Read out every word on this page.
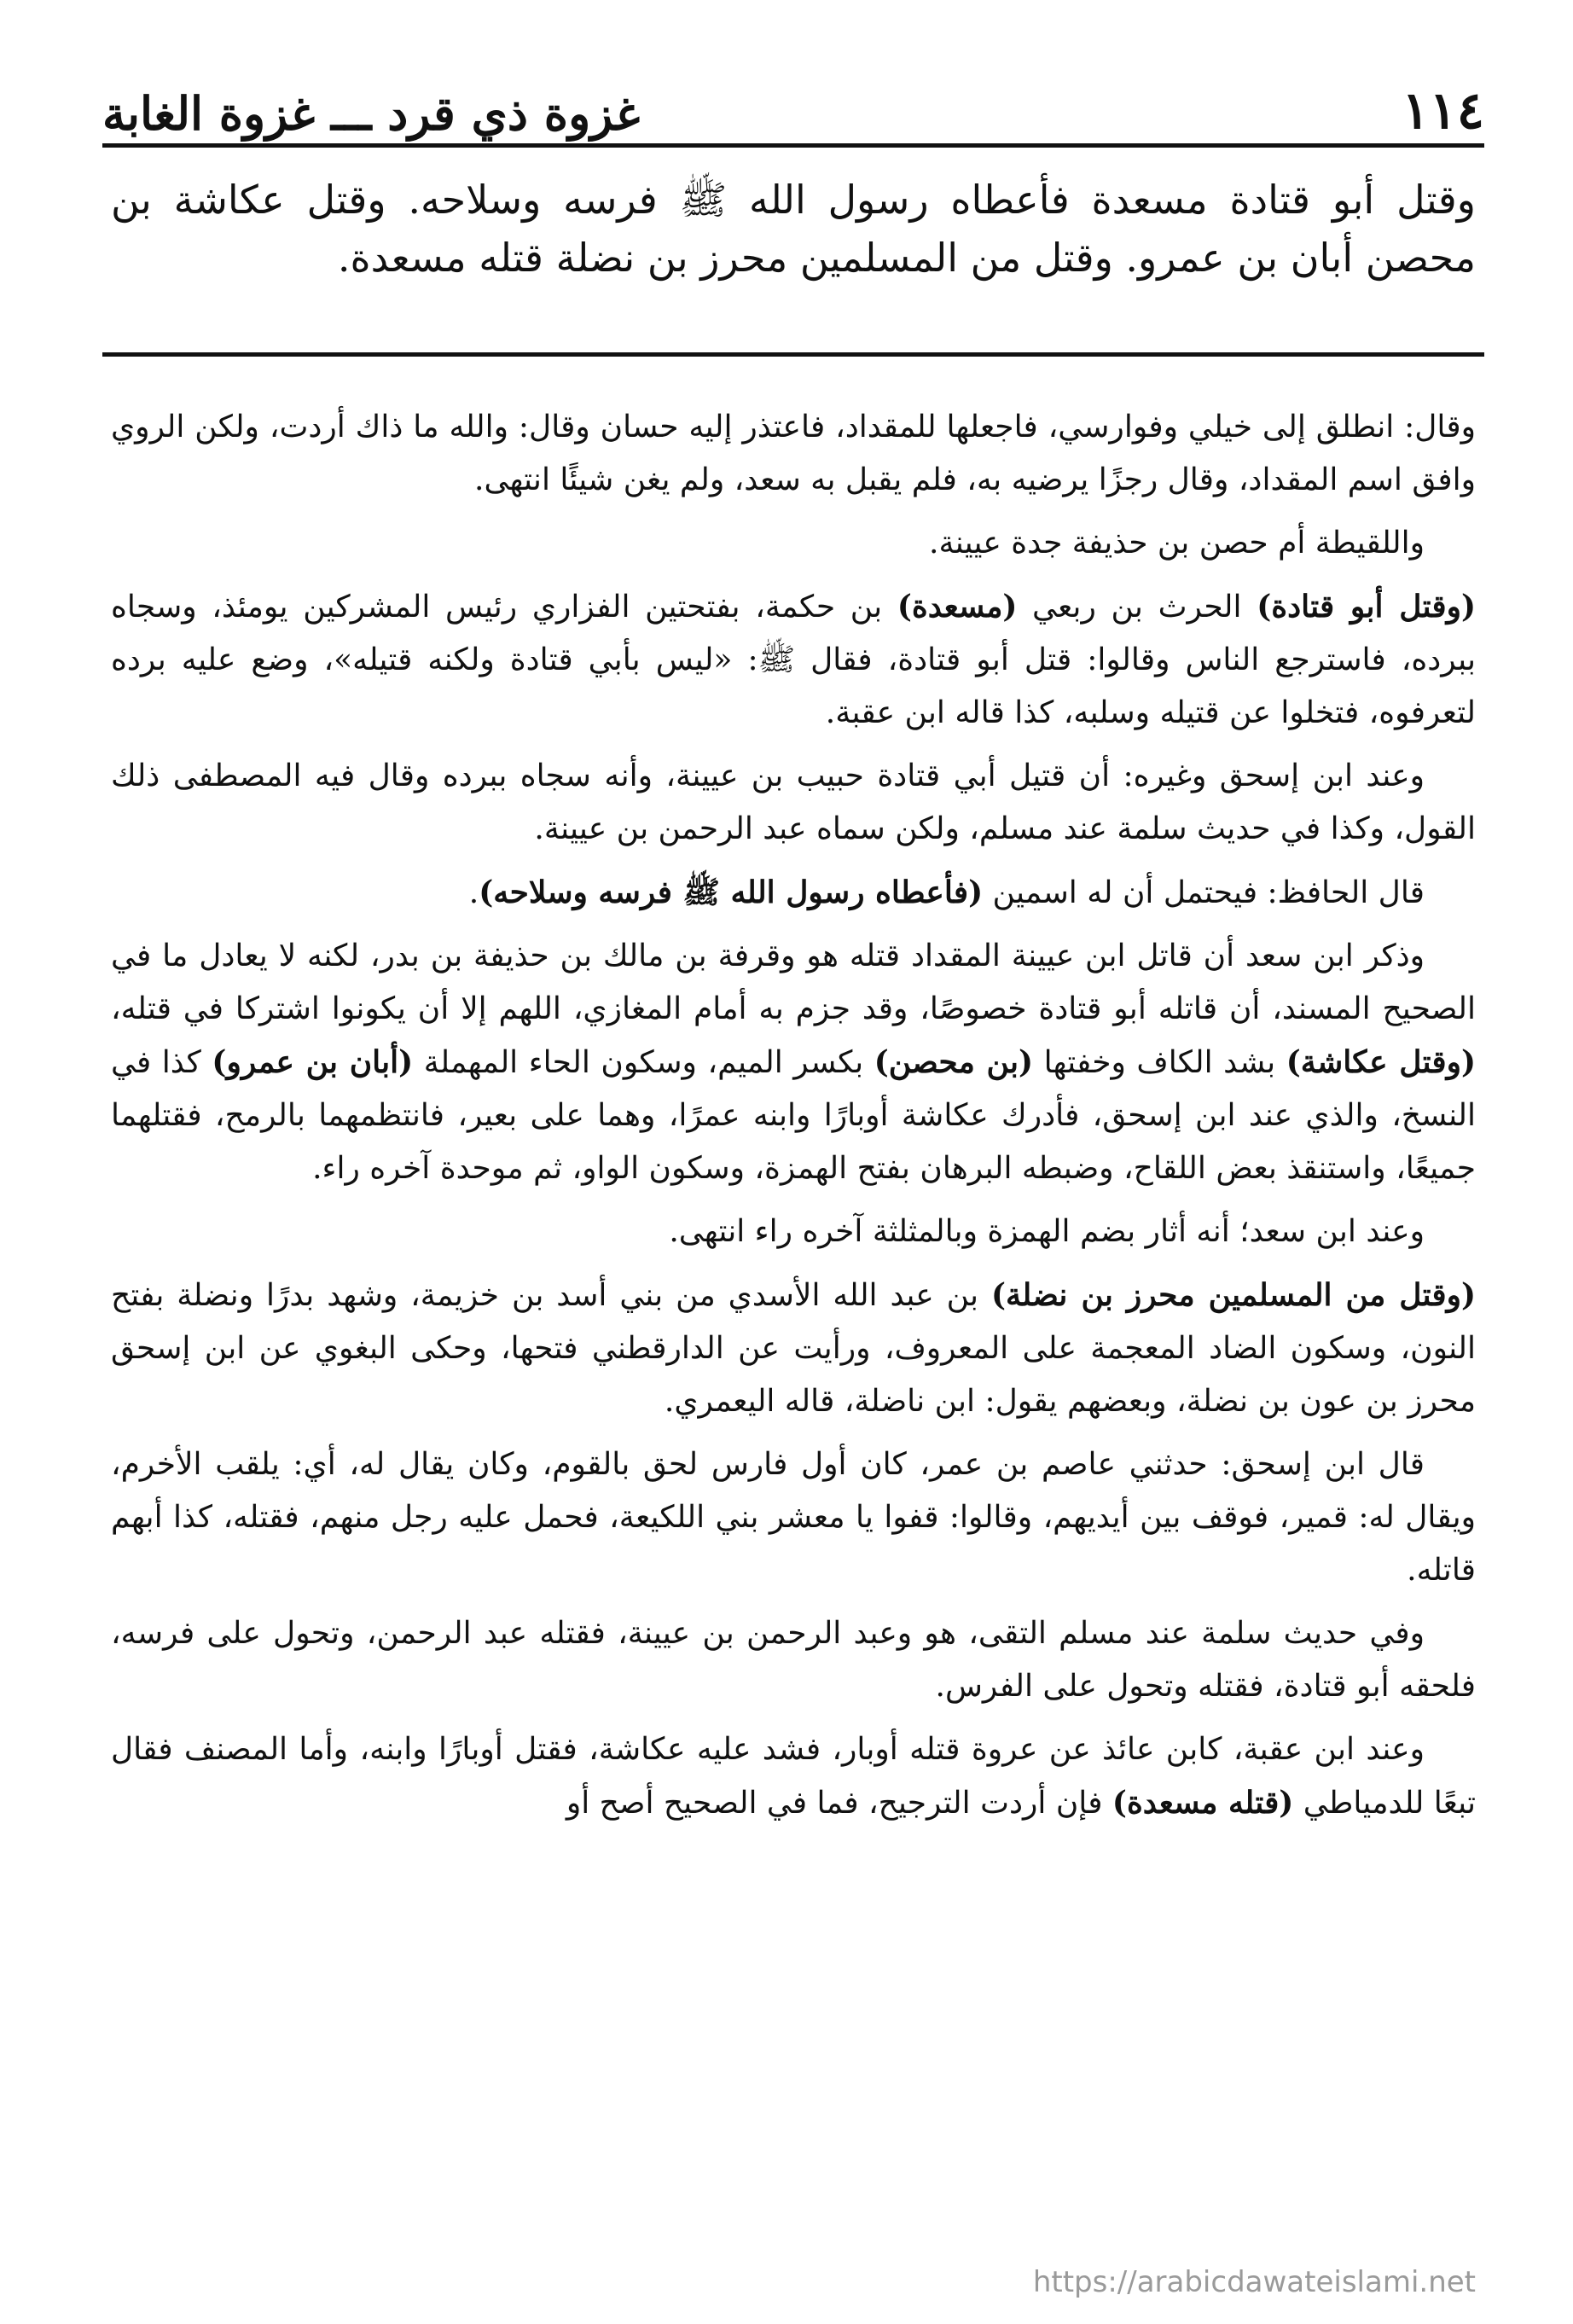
١١٤
غزوة ذي قرد ـــ غزوة الغابة
وقتل أبو قتادة مسعدة فأعطاه رسول الله ﷺ فرسه وسلاحه. وقتل عكاشة بن محصن أبان بن عمرو. وقتل من المسلمين محرز بن نضلة قتله مسعدة.

وقال: انطلق إلى خيلي وفوارسي، فاجعلها للمقداد، فاعتذر إليه حسان وقال: والله ما ذاك أردت، ولكن الروي وافق اسم المقداد، وقال رجزًا يرضيه به، فلم يقبل به سعد، ولم يغن شيئًا انتهى.

واللقيطة أم حصن بن حذيفة جدة عيينة.

(وقتل أبو قتادة) الحرث بن ربعي (مسعدة) بن حكمة، بفتحتين الفزاري رئيس المشركين يومئذ، وسجاه ببرده، فاسترجع الناس وقالوا: قتل أبو قتادة، فقال ﷺ: «ليس بأبي قتادة ولكنه قتيله»، وضع عليه برده لتعرفوه، فتخلوا عن قتيله وسلبه، كذا قاله ابن عقبة.

وعند ابن إسحق وغيره: أن قتيل أبي قتادة حبيب بن عيينة، وأنه سجاه ببرده وقال فيه المصطفى ذلك القول، وكذا في حديث سلمة عند مسلم، ولكن سماه عبد الرحمن بن عيينة.

قال الحافظ: فيحتمل أن له اسمين (فأعطاه رسول الله ﷺ فرسه وسلاحه).

وذكر ابن سعد أن قاتل ابن عيينة المقداد قتله هو وقرفة بن مالك بن حذيفة بن بدر، لكنه لا يعادل ما في الصحيح المسند، أن قاتله أبو قتادة خصوصًا، وقد جزم به أمام المغازي، اللهم إلا أن يكونوا اشتركا في قتله، (وقتل عكاشة) بشد الكاف وخفتها (بن محصن) بكسر الميم، وسكون الحاء المهملة (أبان بن عمرو) كذا في النسخ، والذي عند ابن إسحق، فأدرك عكاشة أوبارًا وابنه عمرًا، وهما على بعير، فانتظمهما بالرمح، فقتلهما جميعًا، واستنقذ بعض اللقاح، وضبطه البرهان بفتح الهمزة، وسكون الواو، ثم موحدة آخره راء.

وعند ابن سعد؛ أنه أثار بضم الهمزة وبالمثلثة آخره راء انتهى.

(وقتل من المسلمين محرز بن نضلة) بن عبد الله الأسدي من بني أسد بن خزيمة، وشهد بدرًا ونضلة بفتح النون، وسكون الضاد المعجمة على المعروف، ورأيت عن الدارقطني فتحها، وحكى البغوي عن ابن إسحق محرز بن عون بن نضلة، وبعضهم يقول: ابن ناضلة، قاله اليعمري.

قال ابن إسحق: حدثني عاصم بن عمر، كان أول فارس لحق بالقوم، وكان يقال له، أي: يلقب الأخرم، ويقال له: قمير، فوقف بين أيديهم، وقالوا: قفوا يا معشر بني اللكيعة، فحمل عليه رجل منهم، فقتله، كذا أبهم قاتله.

وفي حديث سلمة عند مسلم التقى، هو وعبد الرحمن بن عيينة، فقتله عبد الرحمن، وتحول على فرسه، فلحقه أبو قتادة، فقتله وتحول على الفرس.

وعند ابن عقبة، كابن عائذ عن عروة قتله أوبار، فشد عليه عكاشة، فقتل أوبارًا وابنه، وأما المصنف فقال تبعًا للدمياطي (قتله مسعدة) فإن أردت الترجيح، فما في الصحيح أصح أو

https://arabicdawateislami.net
